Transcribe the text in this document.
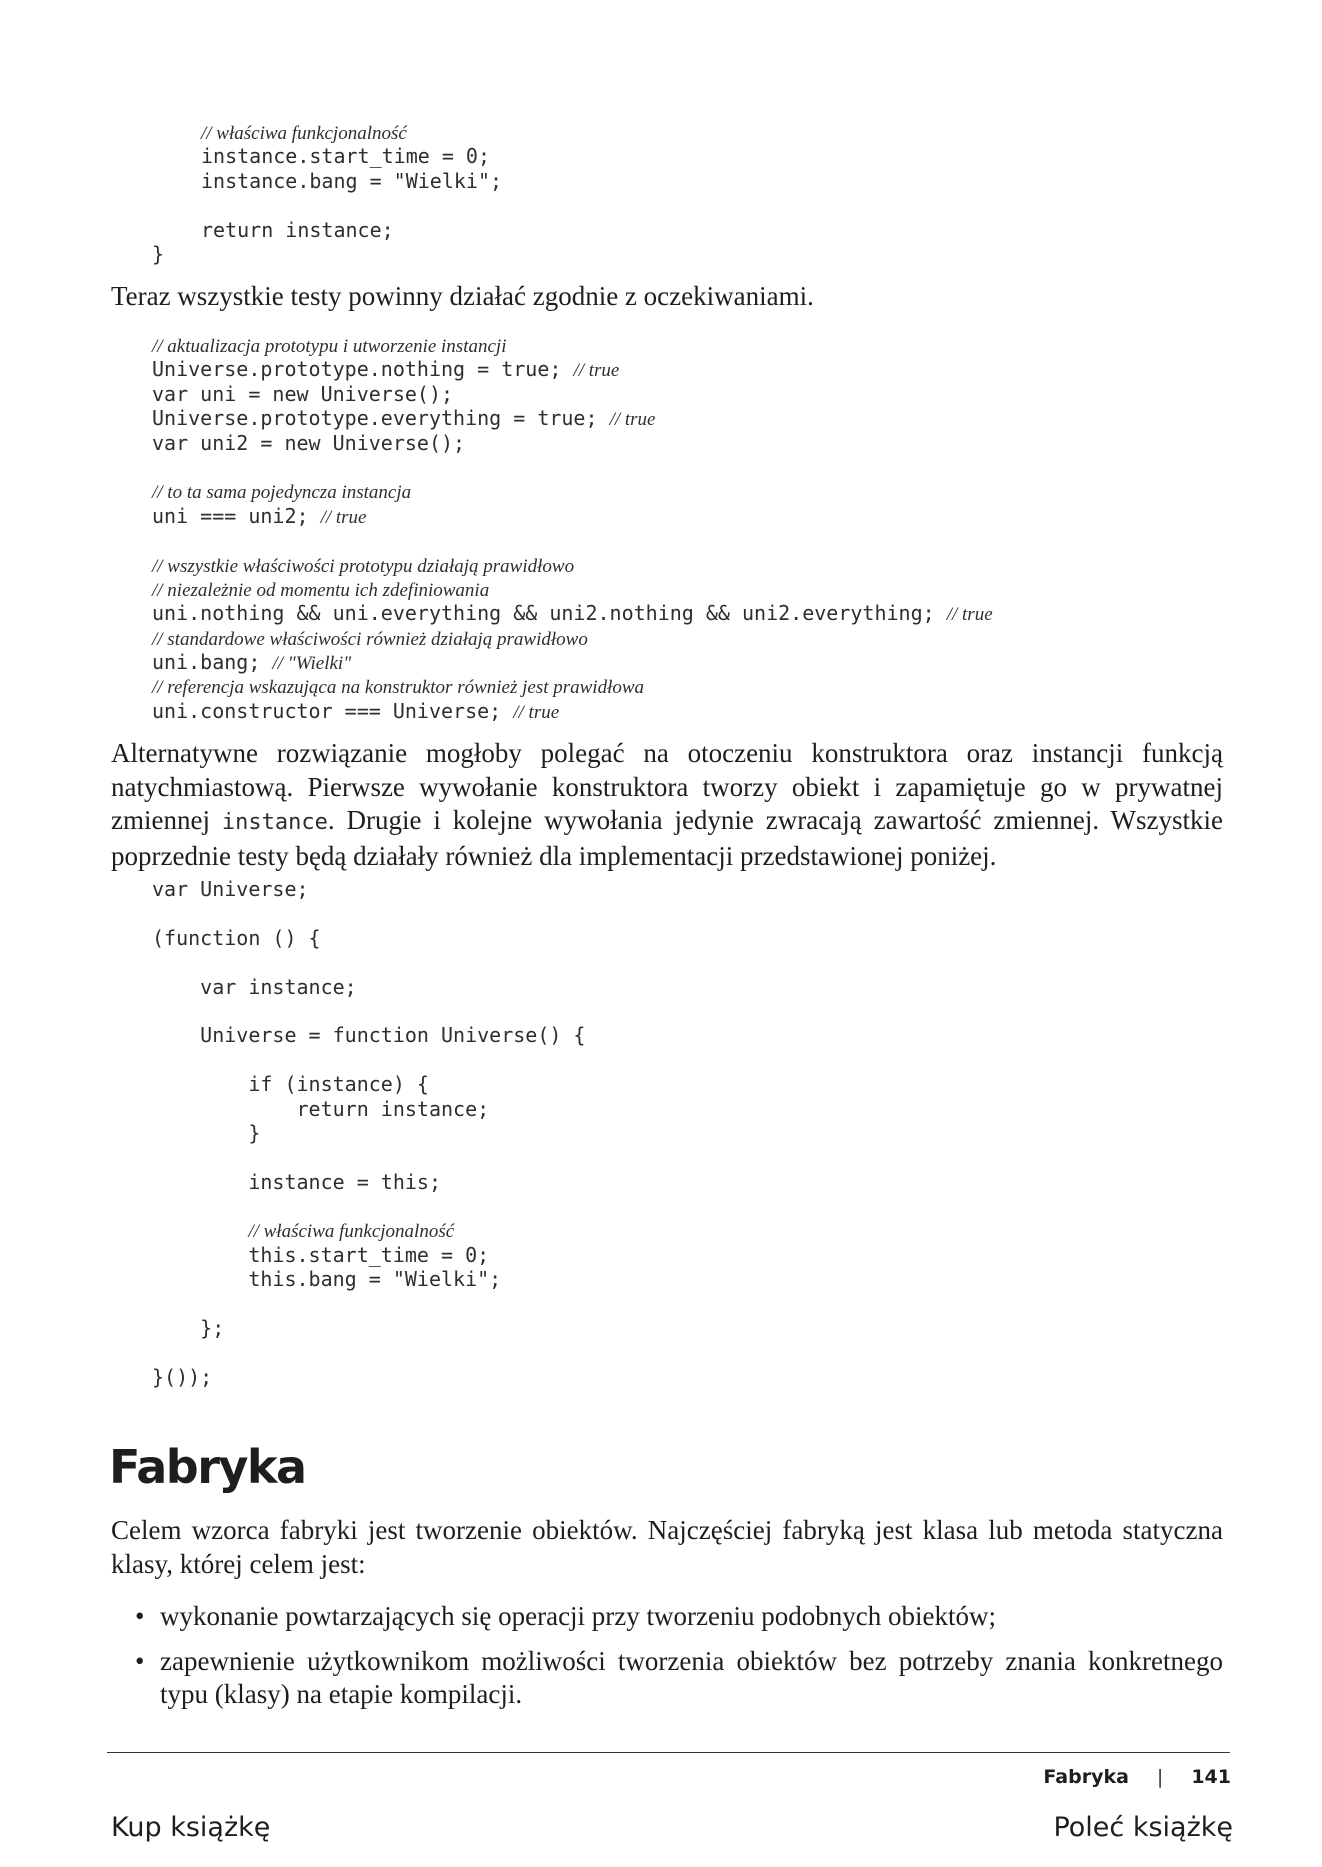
// właściwa funkcjonalność
instance.start_time = 0;
instance.bang = "Wielki";
return instance;
}

Teraz wszystkie testy powinny działać zgodnie z oczekiwaniami.

// aktualizacja prototypu i utworzenie instancji
Universe.prototype.nothing = true; // true
var uni = new Universe();
Universe.prototype.everything = true; // true
var uni2 = new Universe();
// to ta sama pojedyncza instancja
uni === uni2; // true
// wszystkie właściwości prototypu działają prawidłowo
// niezależnie od momentu ich zdefiniowania
uni.nothing && uni.everything && uni2.nothing && uni2.everything; // true
// standardowe właściwości również działają prawidłowo
uni.bang; // "Wielki"
// referencja wskazująca na konstruktor również jest prawidłowa
uni.constructor === Universe; // true

Alternatywne rozwiązanie mogłoby polegać na otoczeniu konstruktora oraz instancji funkcją natychmiastową. Pierwsze wywołanie konstruktora tworzy obiekt i zapamiętuje go w prywatnej zmiennej instance. Drugie i kolejne wywołania jedynie zwracają zawartość zmiennej. Wszystkie poprzednie testy będą działały również dla implementacji przedstawionej poniżej.

var Universe;
(function () {
var instance;
Universe = function Universe() {
if (instance) {
return instance;
}
instance = this;
// właściwa funkcjonalność
this.start_time = 0;
this.bang = "Wielki";
};
}());
Fabryka

Celem wzorca fabryki jest tworzenie obiektów. Najczęściej fabryką jest klasa lub metoda statyczna klasy, której celem jest:

• wykonanie powtarzających się operacji przy tworzeniu podobnych obiektów;
• zapewnienie użytkownikom możliwości tworzenia obiektów bez potrzeby znania konkretnego typu (klasy) na etapie kompilacji.
Fabryka | 141
Kup książkę	Poleć książkę
